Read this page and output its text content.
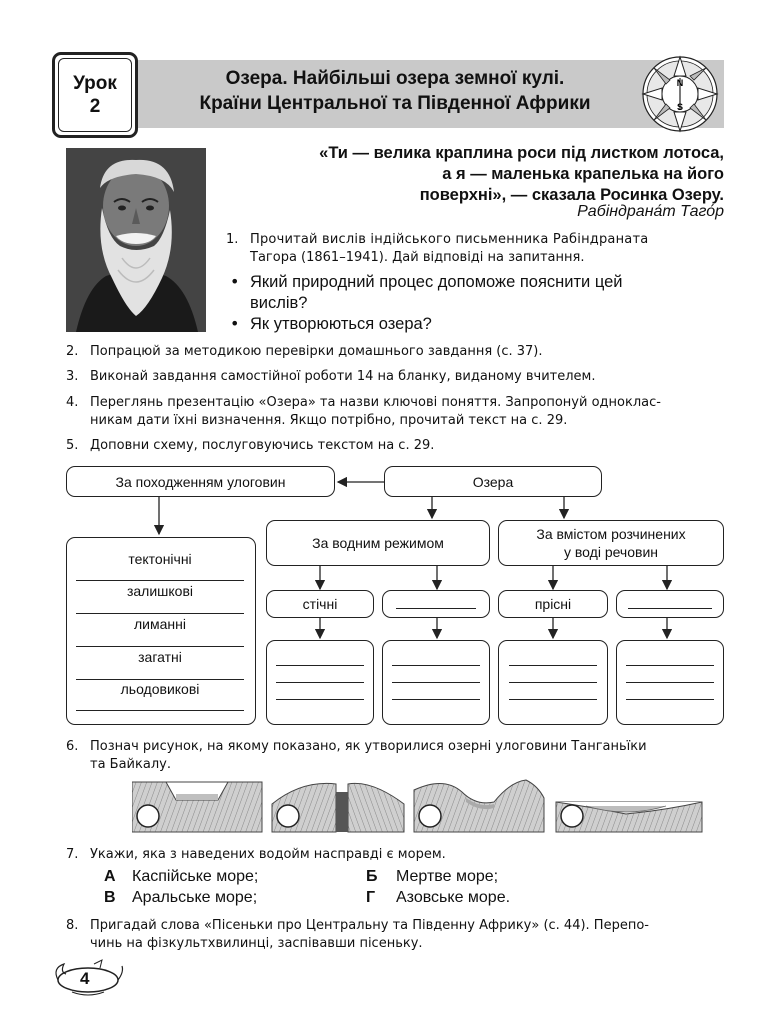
Урок
2
Озера. Найбільші озера земної кулі.
Країни Центральної та Південної Африки
N
S
«Ти — велика краплина роси під листком лотоса,
а я — маленька крапелька на його
поверхні», — сказала Росинка Озеру.
Рабіндрана́т Таго́р
1. Прочитай вислів індійського письменника Рабіндраната
Тагора (1861–1941). Дай відповіді на запитання.
• Який природний процес допоможе пояснити цей
вислів?
• Як утворюються озера?
2. Попрацюй за методикою перевірки домашнього завдання (с. 37).
3. Виконай завдання самостійної роботи 14 на бланку, виданому вчителем.
4. Переглянь презентацію «Озера» та назви ключові поняття. Запропонуй одноклас-
никам дати їхні визначення. Якщо потрібно, прочитай текст на с. 29.
5. Доповни схему, послуговуючись текстом на с. 29.
Озера
За походженням улоговин
За водним режимом
За вмістом розчинених
у воді речовин
тектонічні
залишкові
лиманні
загатні
льодовикові
стічні	прісні
6. Познач рисунок, на якому показано, як утворилися озерні улоговини Танганьїки
та Байкалу.
7. Укажи, яка з наведених водойм насправді є морем.
А Каспійське море;	Б Мертве море;
В Аральське море;	Г Азовське море.
8. Пригадай слова «Пісеньки про Центральну та Південну Африку» (с. 44). Перепо-
чинь на фізкультхвилинці, заспівавши пісеньку.
4
